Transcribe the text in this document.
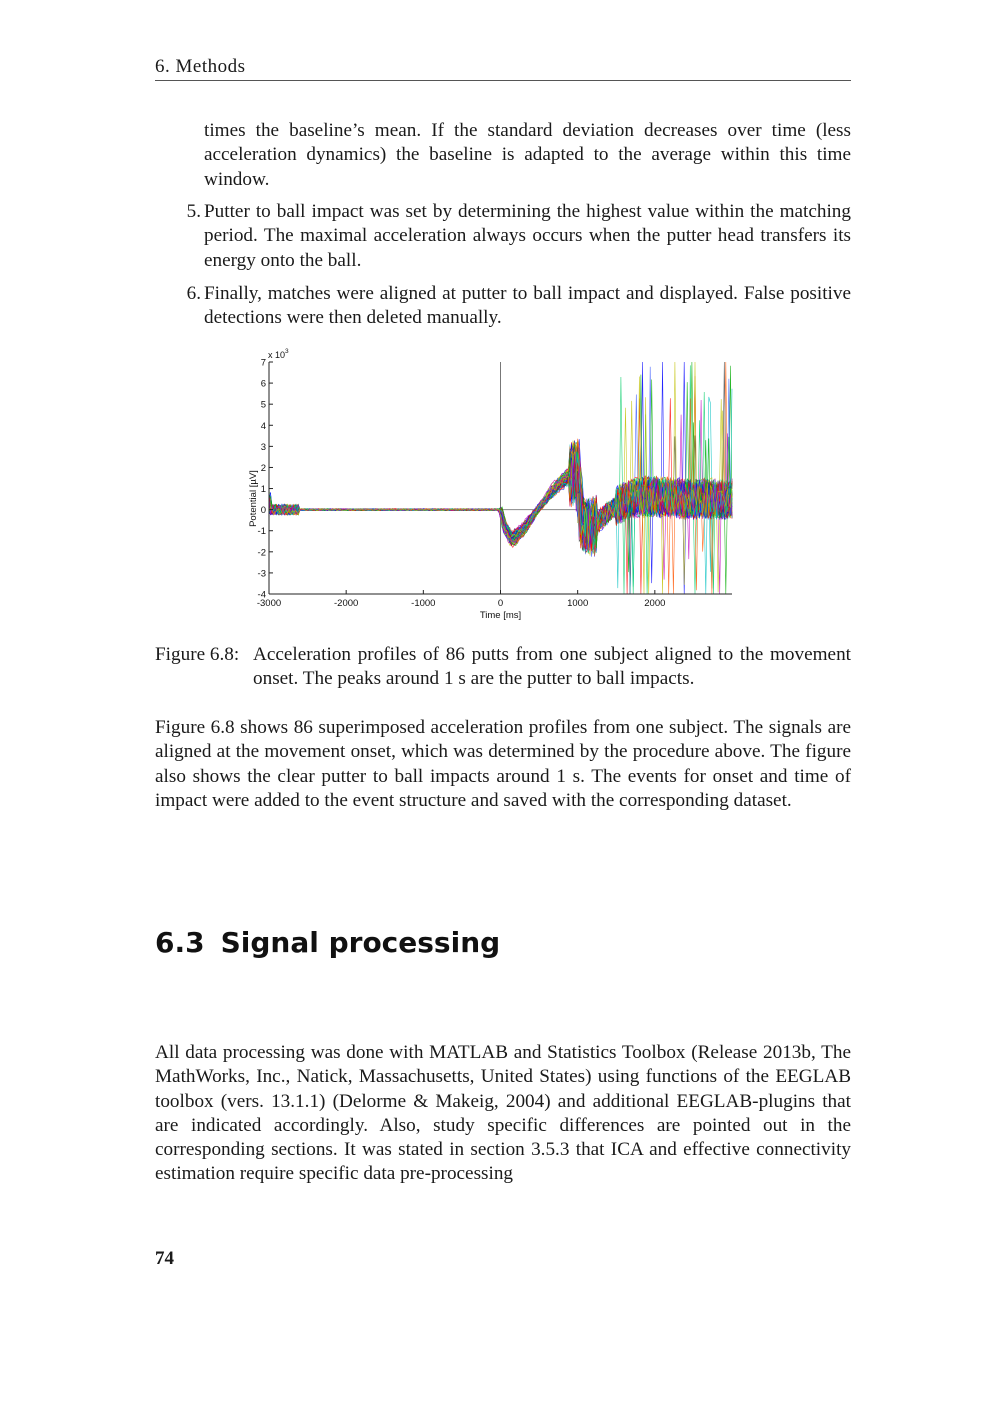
6. Methods

times the baseline’s mean. If the standard deviation decreases over time (less acceleration dynamics) the baseline is adapted to the average within this time window.

5. Putter to ball impact was set by determining the highest value within the matching period. The maximal acceleration always occurs when the putter head transfers its energy onto the ball.
6. Finally, matches were aligned at putter to ball impact and displayed. False positive detections were then deleted manually.
7
6
5
4
3
2
1
0
-1
-2
-3
-4
-3000	-2000	-1000	0	1000	2000
x 10 3
Time [ms]
Potential [µV]
Figure 6.8: Acceleration profiles of 86 putts from one subject aligned to the movement onset. The peaks around 1 s are the putter to ball impacts.

Figure 6.8 shows 86 superimposed acceleration profiles from one subject. The signals are aligned at the movement onset, which was determined by the procedure above. The figure also shows the clear putter to ball impacts around 1 s. The events for onset and time of impact were added to the event structure and saved with the corresponding dataset.

6.3 Signal processing

All data processing was done with MATLAB and Statistics Toolbox (Release 2013b, The MathWorks, Inc., Natick, Massachusetts, United States) using functions of the EEGLAB toolbox (vers. 13.1.1) (Delorme & Makeig, 2004) and additional EEGLAB-plugins that are indicated accordingly. Also, study specific differences are pointed out in the corresponding sections. It was stated in section 3.5.3 that ICA and effective connectivity estimation require specific data pre-processing

74
